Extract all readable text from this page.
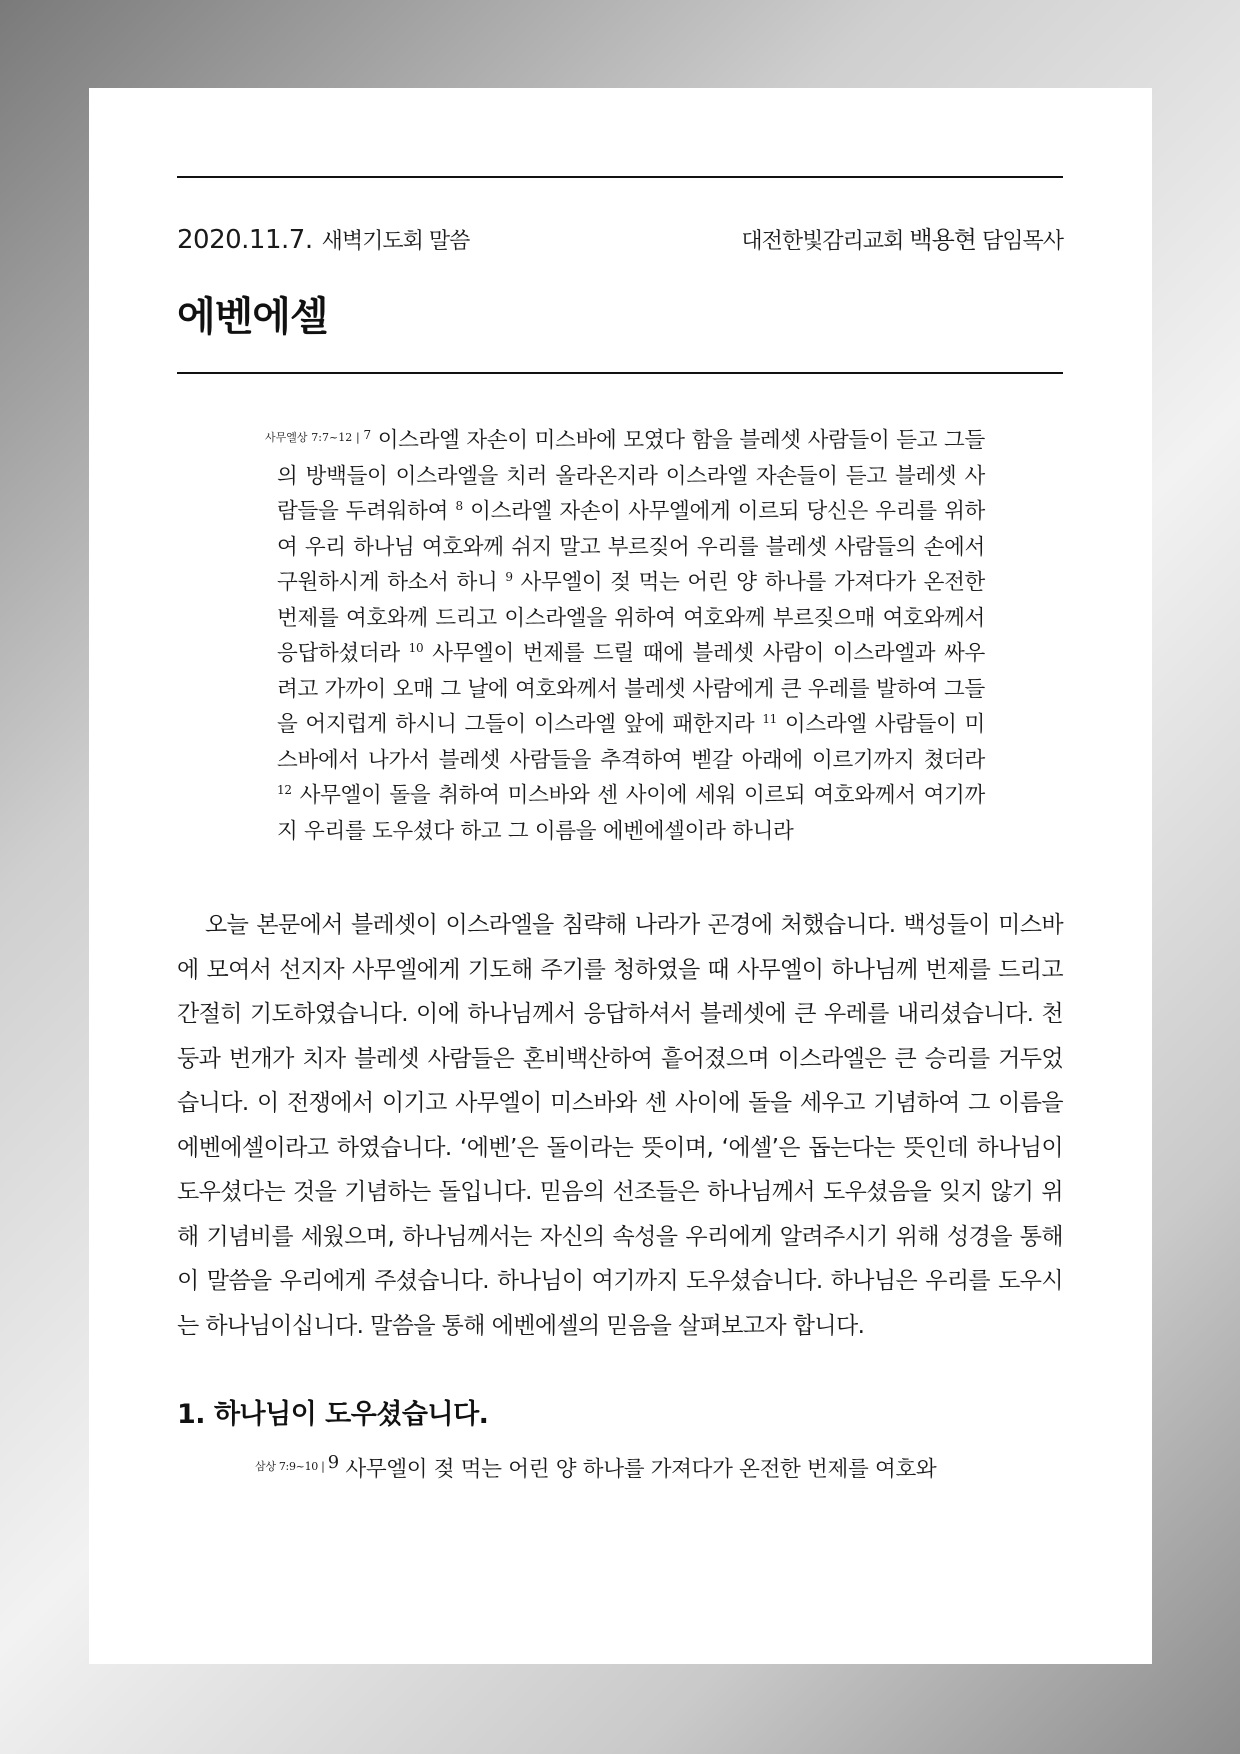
2020.11.7. 새벽기도회 말씀	대전한빛감리교회 백용현 담임목사
에벤에셀
$^{사무엘상 7:7\sim 12 |}$ $^7$ 이스라엘 자손이 미스바에 모였다 함을 블레셋 사람들이 듣고 그들의 방백들이 이스라엘을 치러 올라온지라 이스라엘 자손들이 듣고 블레셋 사람들을 두려워하여 $^8$ 이스라엘 자손이 사무엘에게 이르되 당신은 우리를 위하여 우리 하나님 여호와께 쉬지 말고 부르짖어 우리를 블레셋 사람들의 손에서 구원하시게 하소서 하니 $^9$ 사무엘이 젖 먹는 어린 양 하나를 가져다가 온전한 번제를 여호와께 드리고 이스라엘을 위하여 여호와께 부르짖으매 여호와께서 응답하셨더라 $^{10}$ 사무엘이 번제를 드릴 때에 블레셋 사람이 이스라엘과 싸우려고 가까이 오매 그 날에 여호와께서 블레셋 사람에게 큰 우레를 발하여 그들을 어지럽게 하시니 그들이 이스라엘 앞에 패한지라 $^{11}$ 이스라엘 사람들이 미스바에서 나가서 블레셋 사람들을 추격하여 벧갈 아래에 이르기까지 쳤더라 $^{12}$ 사무엘이 돌을 취하여 미스바와 센 사이에 세워 이르되 여호와께서 여기까지 우리를 도우셨다 하고 그 이름을 에벤에셀이라 하니라

오늘 본문에서 블레셋이 이스라엘을 침략해 나라가 곤경에 처했습니다. 백성들이 미스바에 모여서 선지자 사무엘에게 기도해 주기를 청하였을 때 사무엘이 하나님께 번제를 드리고 간절히 기도하였습니다. 이에 하나님께서 응답하셔서 블레셋에 큰 우레를 내리셨습니다. 천둥과 번개가 치자 블레셋 사람들은 혼비백산하여 흩어졌으며 이스라엘은 큰 승리를 거두었습니다. 이 전쟁에서 이기고 사무엘이 미스바와 센 사이에 돌을 세우고 기념하여 그 이름을 에벤에셀이라고 하였습니다. ‘에벤’은 돌이라는 뜻이며, ‘에셀’은 돕는다는 뜻인데 하나님이 도우셨다는 것을 기념하는 돌입니다. 믿음의 선조들은 하나님께서 도우셨음을 잊지 않기 위해 기념비를 세웠으며, 하나님께서는 자신의 속성을 우리에게 알려주시기 위해 성경을 통해 이 말씀을 우리에게 주셨습니다. 하나님이 여기까지 도우셨습니다. 하나님은 우리를 도우시는 하나님이십니다. 말씀을 통해 에벤에셀의 믿음을 살펴보고자 합니다.

1. 하나님이 도우셨습니다.
$^{삼상 7:9\sim 10 |}$ $^9$ 사무엘이 젖 먹는 어린 양 하나를 가져다가 온전한 번제를 여호와
